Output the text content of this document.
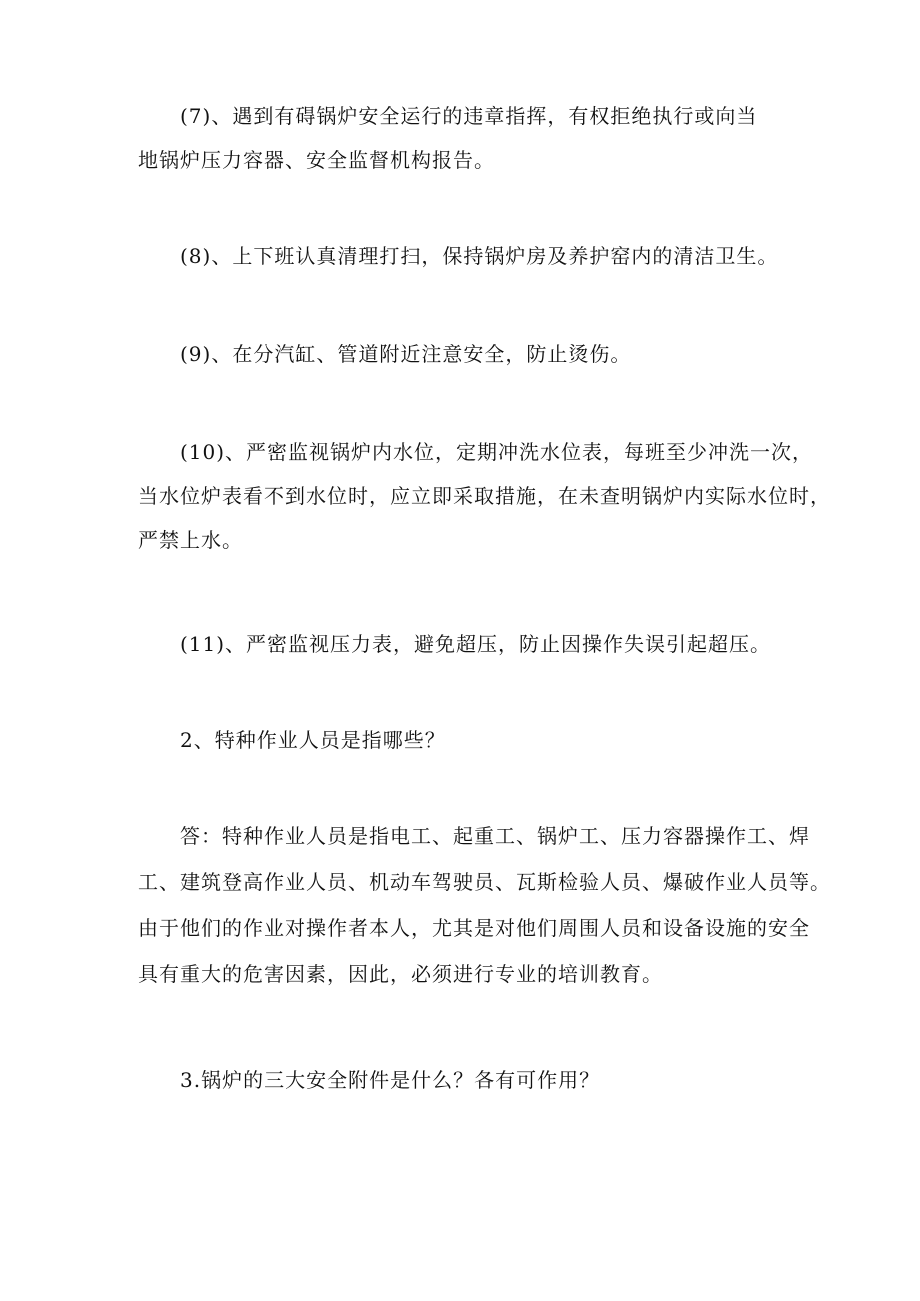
(7)、遇到有碍锅炉安全运行的违章指挥，有权拒绝执行或向当
地锅炉压力容器、安全监督机构报告。
(8)、上下班认真清理打扫，保持锅炉房及养护窑内的清洁卫生。
(9)、在分汽缸、管道附近注意安全，防止烫伤。
(10)、严密监视锅炉内水位，定期冲洗水位表，每班至少冲洗一次，
当水位炉表看不到水位时，应立即采取措施，在未查明锅炉内实际水位时，
严禁上水。
(11)、严密监视压力表，避免超压，防止因操作失误引起超压。
2、特种作业人员是指哪些？
答：特种作业人员是指电工、起重工、锅炉工、压力容器操作工、焊
工、建筑登高作业人员、机动车驾驶员、瓦斯检验人员、爆破作业人员等。
由于他们的作业对操作者本人，尤其是对他们周围人员和设备设施的安全
具有重大的危害因素，因此，必须进行专业的培训教育。
3.锅炉的三大安全附件是什么？各有可作用？
